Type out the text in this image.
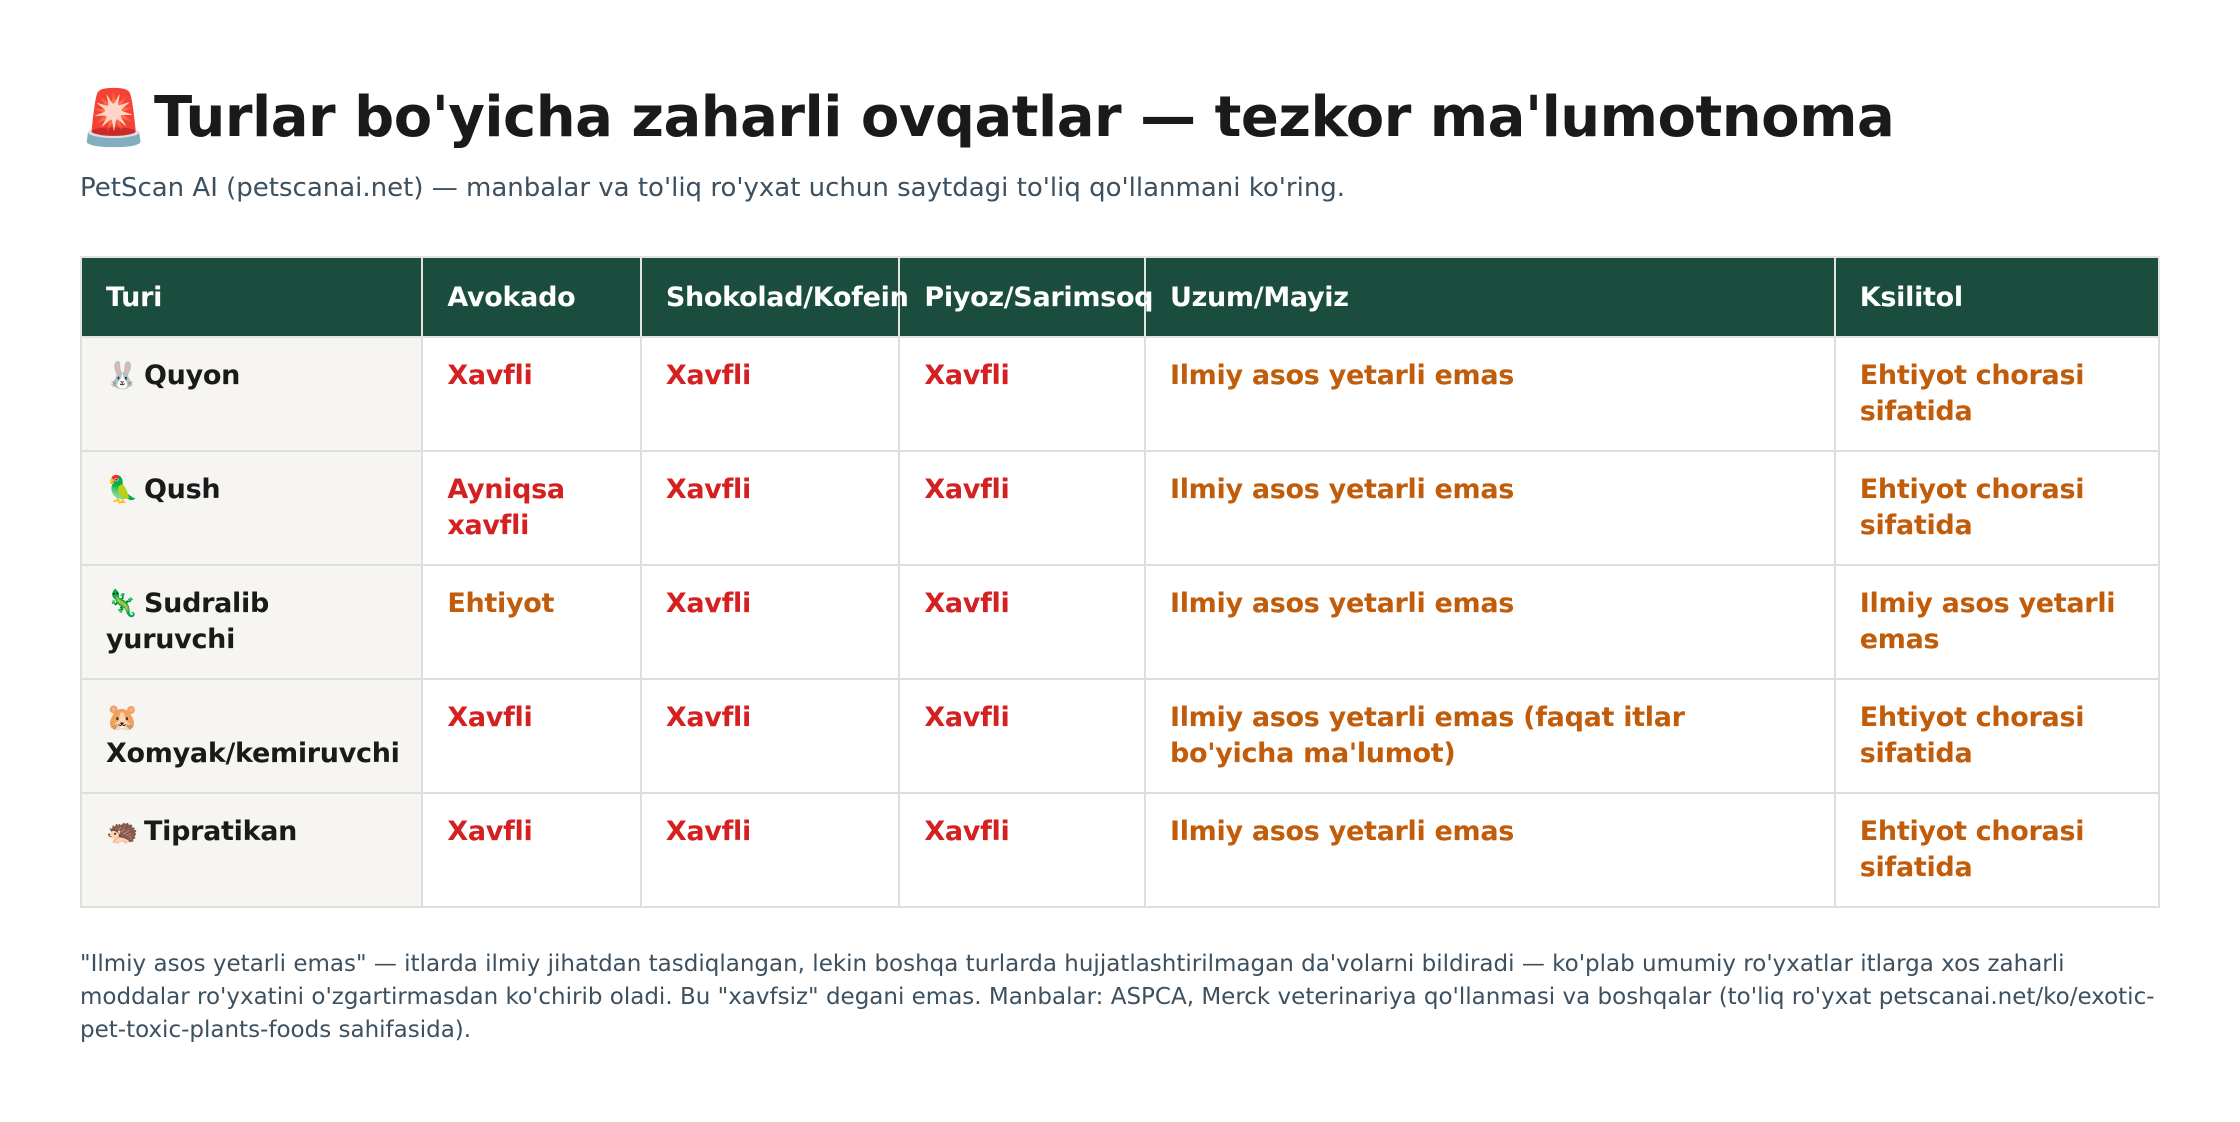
🚨 Turlar bo'yicha zaharli ovqatlar — tezkor ma'lumotnoma
PetScan AI (petscanai.net) — manbalar va to'liq ro'yxat uchun saytdagi to'liq qo'llanmani ko'ring.
Turi	Avokado	Shokolad/Kofein	Piyoz/Sarimsoq	Uzum/Mayiz	Ksilitol
🐰 Quyon	Xavfli	Xavfli	Xavfli	Ilmiy asos yetarli emas	Ehtiyot chorasi sifatida
🦜 Qush	Ayniqsa xavfli	Xavfli	Xavfli	Ilmiy asos yetarli emas	Ehtiyot chorasi sifatida
🦎 Sudralib yuruvchi	Ehtiyot	Xavfli	Xavfli	Ilmiy asos yetarli emas	Ilmiy asos yetarli emas
🐹Xomyak/kemiruvchi	Xavfli	Xavfli	Xavfli	Ilmiy asos yetarli emas (faqat itlar bo'yicha ma'lumot)	Ehtiyot chorasi sifatida
🦔 Tipratikan	Xavfli	Xavfli	Xavfli	Ilmiy asos yetarli emas	Ehtiyot chorasi sifatida
"Ilmiy asos yetarli emas" — itlarda ilmiy jihatdan tasdiqlangan, lekin boshqa turlarda hujjatlashtirilmagan da'volarni bildiradi — ko'plab umumiy ro'yxatlar itlarga xos zaharli moddalar ro'yxatini o'zgartirmasdan ko'chirib oladi. Bu "xavfsiz" degani emas. Manbalar: ASPCA, Merck veterinariya qo'llanmasi va boshqalar (to'liq ro'yxat petscanai.net/ko/exotic-pet-toxic-plants-foods sahifasida).
